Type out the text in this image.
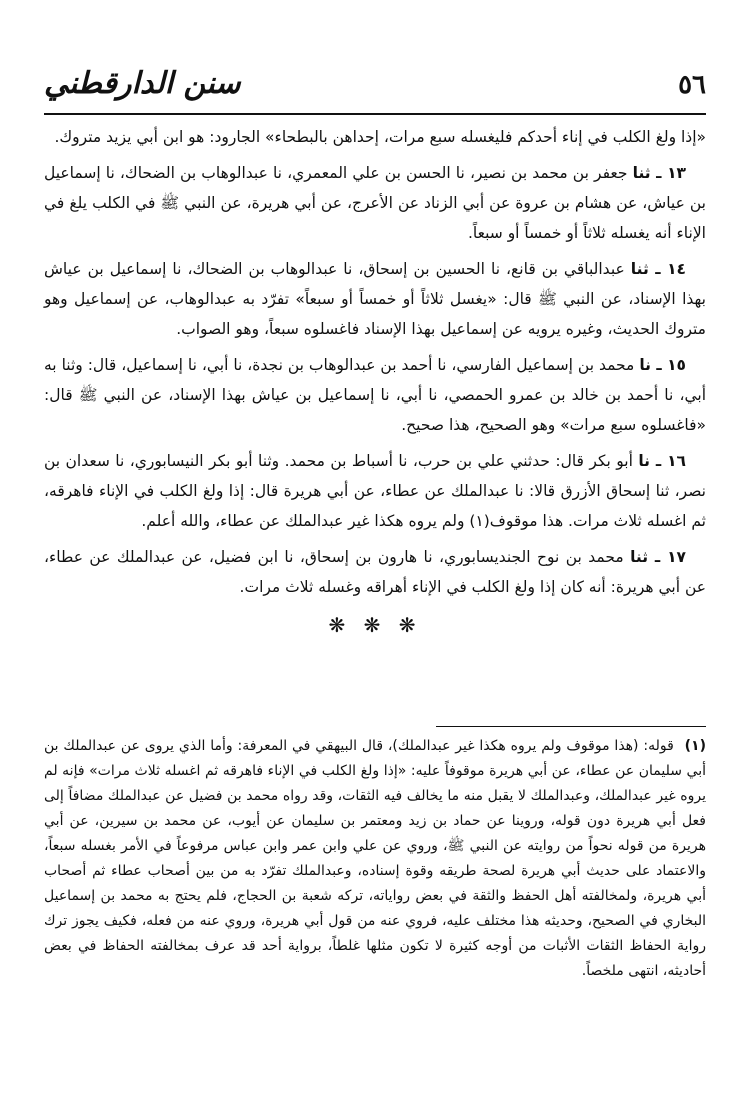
٥٦
سنن الدارقطني

«إذا ولغ الكلب في إناء أحدكم فليغسله سبع مرات، إحداهن بالبطحاء» الجارود: هو ابن أبي يزيد متروك.

١٣ ـ ثنا جعفر بن محمد بن نصير، نا الحسن بن علي المعمري، نا عبدالوهاب بن الضحاك، نا إسماعيل بن عياش، عن هشام بن عروة عن أبي الزناد عن الأعرج، عن أبي هريرة، عن النبي ﷺ في الكلب يلغ في الإناء أنه يغسله ثلاثاً أو خمساً أو سبعاً.

١٤ ـ ثنا عبدالباقي بن قانع، نا الحسين بن إسحاق، نا عبدالوهاب بن الضحاك، نا إسماعيل بن عياش بهذا الإسناد، عن النبي ﷺ قال: «يغسل ثلاثاً أو خمساً أو سبعاً» تفرّد به عبدالوهاب، عن إسماعيل وهو متروك الحديث، وغيره يرويه عن إسماعيل بهذا الإسناد فاغسلوه سبعاً، وهو الصواب.

١٥ ـ نا محمد بن إسماعيل الفارسي، نا أحمد بن عبدالوهاب بن نجدة، نا أبي، نا إسماعيل، قال: وثنا به أبي، نا أحمد بن خالد بن عمرو الحمصي، نا أبي، نا إسماعيل بن عياش بهذا الإسناد، عن النبي ﷺ قال: «فاغسلوه سبع مرات» وهو الصحيح، هذا صحيح.

١٦ ـ نا أبو بكر قال: حدثني علي بن حرب، نا أسباط بن محمد. وثنا أبو بكر النيسابوري، نا سعدان بن نصر، ثنا إسحاق الأزرق قالا: نا عبدالملك عن عطاء، عن أبي هريرة قال: إذا ولغ الكلب في الإناء فاهرقه، ثم اغسله ثلاث مرات. هذا موقوف(١) ولم يروه هكذا غير عبدالملك عن عطاء، والله أعلم.

١٧ ـ ثنا محمد بن نوح الجنديسابوري، نا هارون بن إسحاق، نا ابن فضيل، عن عبدالملك عن عطاء، عن أبي هريرة: أنه كان إذا ولغ الكلب في الإناء أهراقه وغسله ثلاث مرات.

❋ ❋ ❋

(١) قوله: (هذا موقوف ولم يروه هكذا غير عبدالملك)، قال البيهقي في المعرفة: وأما الذي يروى عن عبدالملك بن أبي سليمان عن عطاء، عن أبي هريرة موقوفاً عليه: «إذا ولغ الكلب في الإناء فاهرقه ثم اغسله ثلاث مرات» فإنه لم يروه غير عبدالملك، وعبدالملك لا يقبل منه ما يخالف فيه الثقات، وقد رواه محمد بن فضيل عن عبدالملك مضافاً إلى فعل أبي هريرة دون قوله، وروينا عن حماد بن زيد ومعتمر بن سليمان عن أيوب، عن محمد بن سيرين، عن أبي هريرة من قوله نحواً من روايته عن النبي ﷺ، وروي عن علي وابن عمر وابن عباس مرفوعاً في الأمر بغسله سبعاً، والاعتماد على حديث أبي هريرة لصحة طريقه وقوة إسناده، وعبدالملك تفرّد به من بين أصحاب عطاء ثم أصحاب أبي هريرة، ولمخالفته أهل الحفظ والثقة في بعض رواياته، تركه شعبة بن الحجاج، فلم يحتج به محمد بن إسماعيل البخاري في الصحيح، وحديثه هذا مختلف عليه، فروي عنه من قول أبي هريرة، وروي عنه من فعله، فكيف يجوز ترك رواية الحفاظ الثقات الأثبات من أوجه كثيرة لا تكون مثلها غلطاً، برواية أحد قد عرف بمخالفته الحفاظ في بعض أحاديثه، انتهى ملخصاً.
